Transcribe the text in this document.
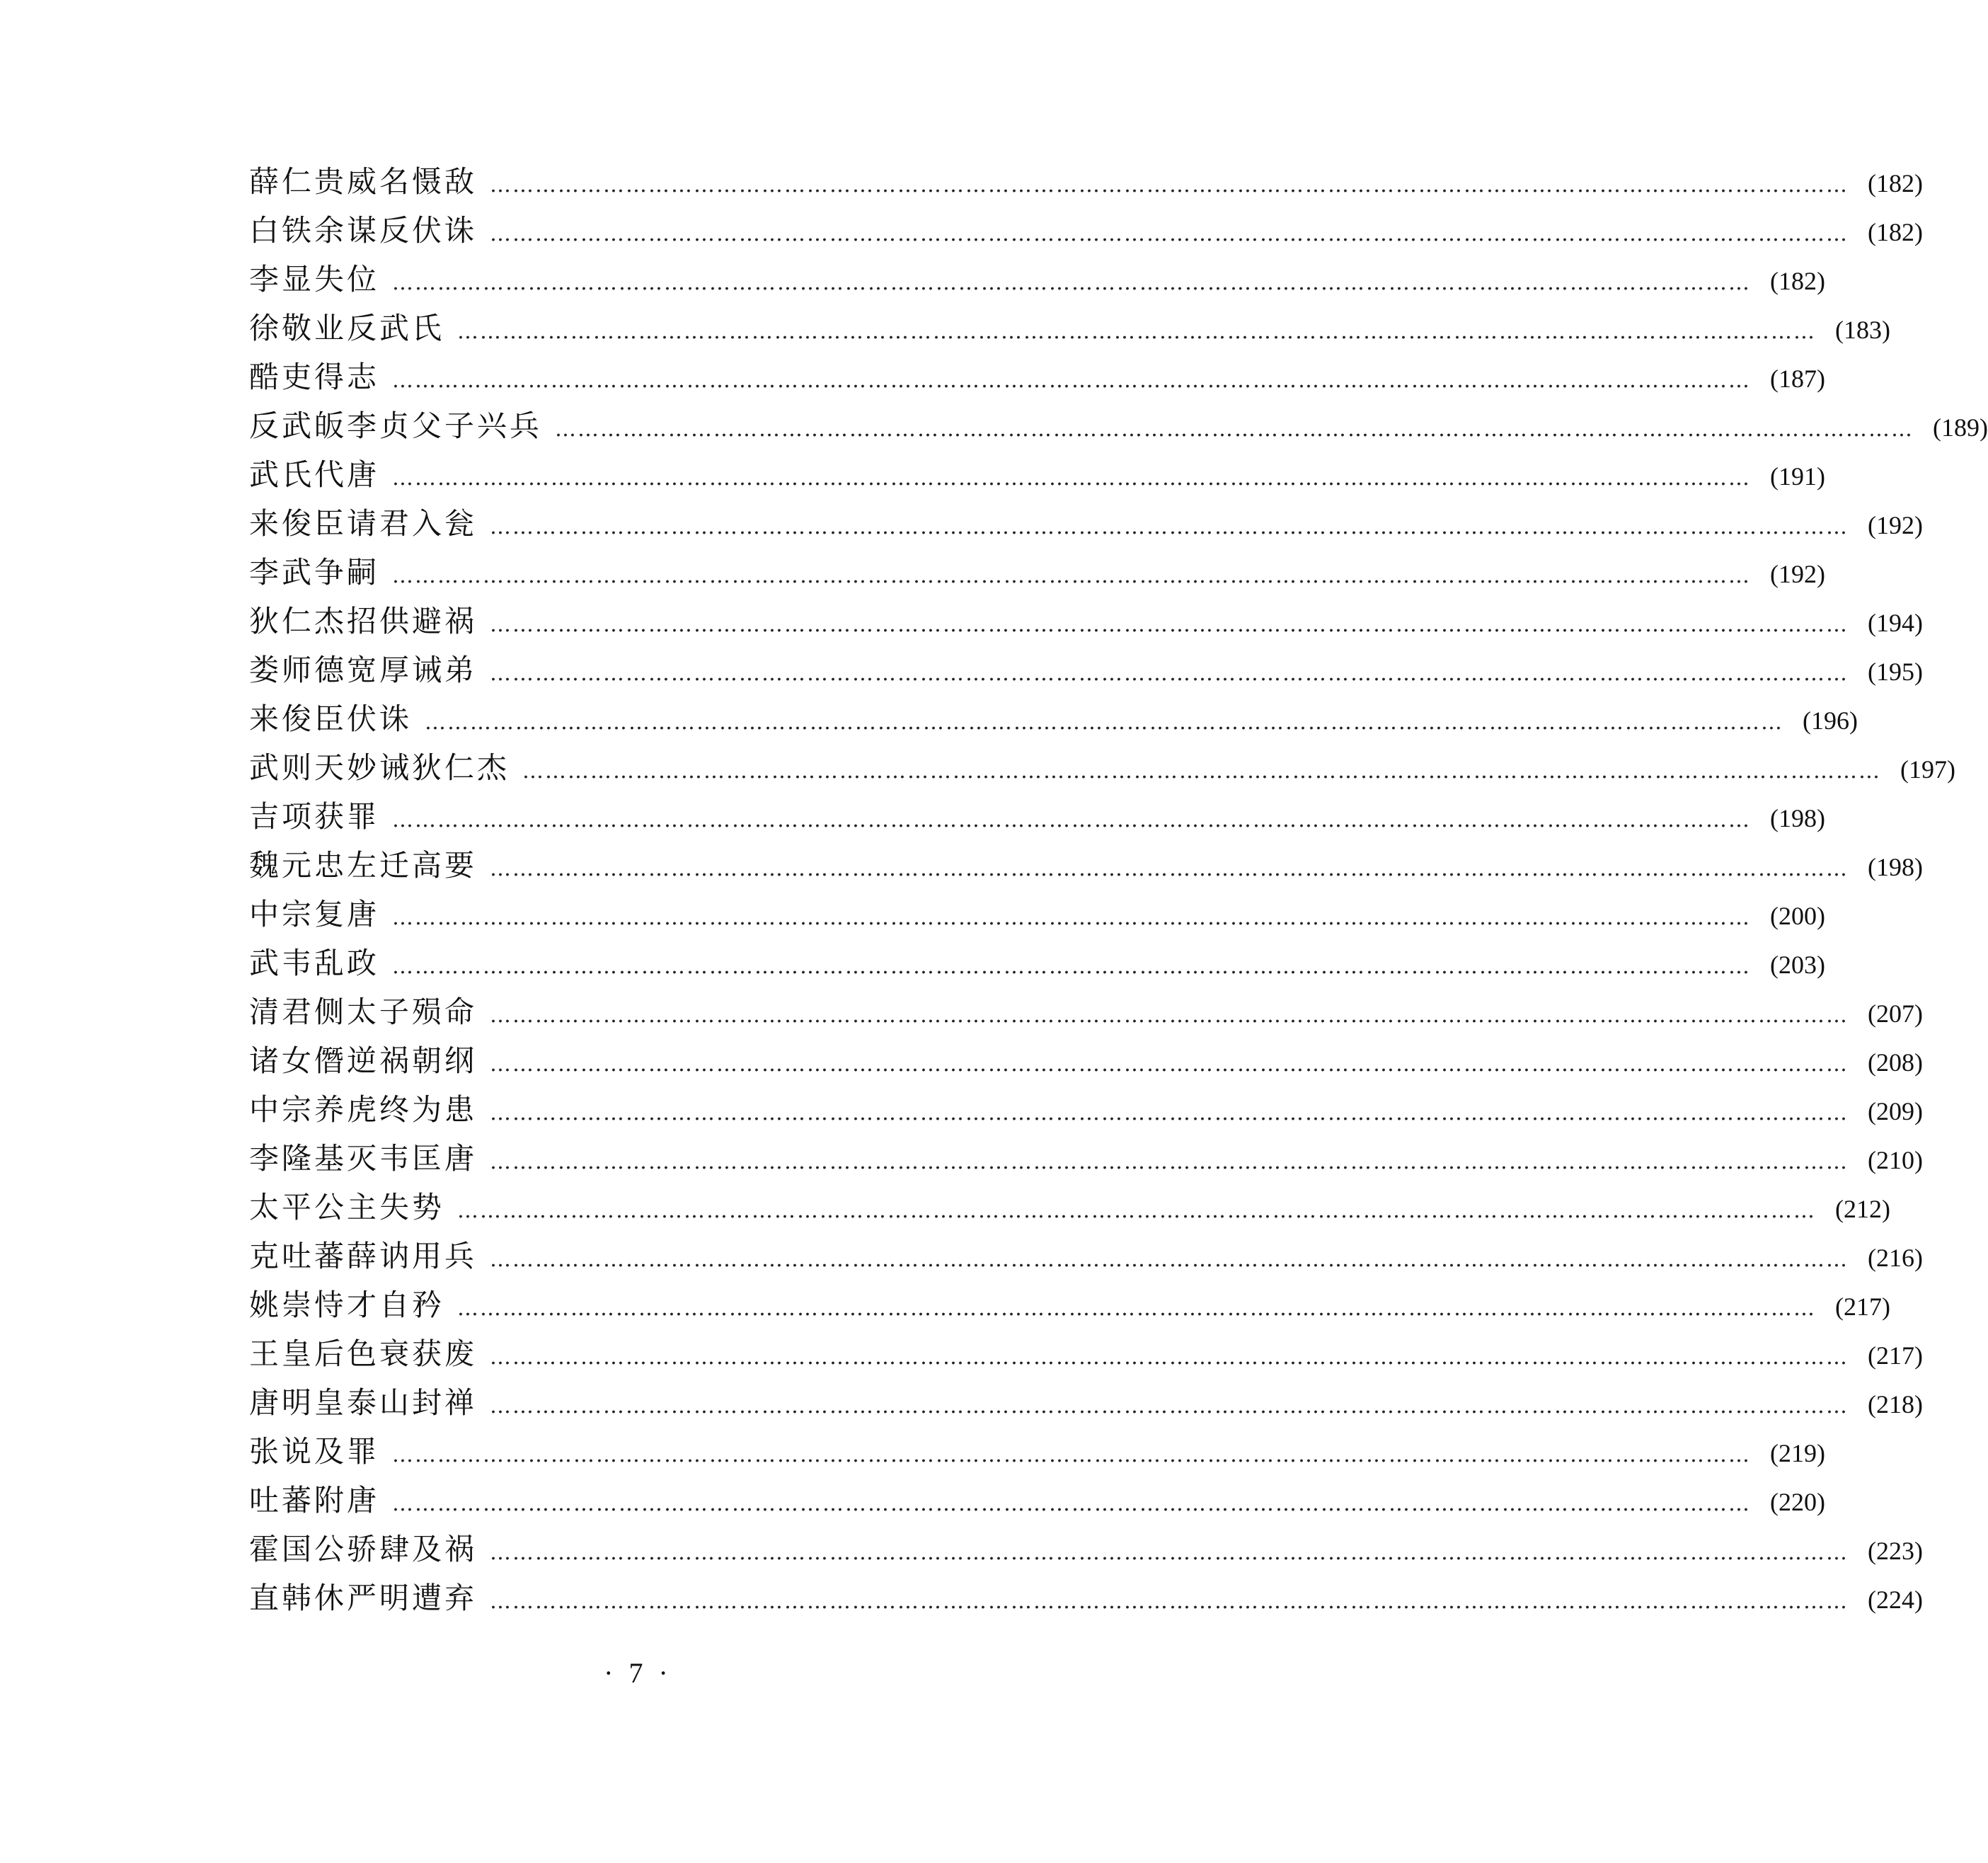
薛仁贵威名慑敌 ……………………………………………………………………………………………………………………………………………………………… (182)
白铁余谋反伏诛 ……………………………………………………………………………………………………………………………………………………………… (182)
李显失位 ……………………………………………………………………………………………………………………………………………………………… (182)
徐敬业反武氏 ……………………………………………………………………………………………………………………………………………………………… (183)
酷吏得志 ……………………………………………………………………………………………………………………………………………………………… (187)
反武皈李贞父子兴兵 ……………………………………………………………………………………………………………………………………………………………… (189)
武氏代唐 ……………………………………………………………………………………………………………………………………………………………… (191)
来俊臣请君入瓮 ……………………………………………………………………………………………………………………………………………………………… (192)
李武争嗣 ……………………………………………………………………………………………………………………………………………………………… (192)
狄仁杰招供避祸 ……………………………………………………………………………………………………………………………………………………………… (194)
娄师德宽厚诫弟 ……………………………………………………………………………………………………………………………………………………………… (195)
来俊臣伏诛 ……………………………………………………………………………………………………………………………………………………………… (196)
武则天妙诫狄仁杰 ……………………………………………………………………………………………………………………………………………………………… (197)
吉项获罪 ……………………………………………………………………………………………………………………………………………………………… (198)
魏元忠左迁高要 ……………………………………………………………………………………………………………………………………………………………… (198)
中宗复唐 ……………………………………………………………………………………………………………………………………………………………… (200)
武韦乱政 ……………………………………………………………………………………………………………………………………………………………… (203)
清君侧太子殒命 ……………………………………………………………………………………………………………………………………………………………… (207)
诸女僭逆祸朝纲 ……………………………………………………………………………………………………………………………………………………………… (208)
中宗养虎终为患 ……………………………………………………………………………………………………………………………………………………………… (209)
李隆基灭韦匡唐 ……………………………………………………………………………………………………………………………………………………………… (210)
太平公主失势 ……………………………………………………………………………………………………………………………………………………………… (212)
克吐蕃薛讷用兵 ……………………………………………………………………………………………………………………………………………………………… (216)
姚崇恃才自矜 ……………………………………………………………………………………………………………………………………………………………… (217)
王皇后色衰获废 ……………………………………………………………………………………………………………………………………………………………… (217)
唐明皇泰山封禅 ……………………………………………………………………………………………………………………………………………………………… (218)
张说及罪 ……………………………………………………………………………………………………………………………………………………………… (219)
吐蕃附唐 ……………………………………………………………………………………………………………………………………………………………… (220)
霍国公骄肆及祸 ……………………………………………………………………………………………………………………………………………………………… (223)
直韩休严明遭弃 ……………………………………………………………………………………………………………………………………………………………… (224)
· 7 ·
